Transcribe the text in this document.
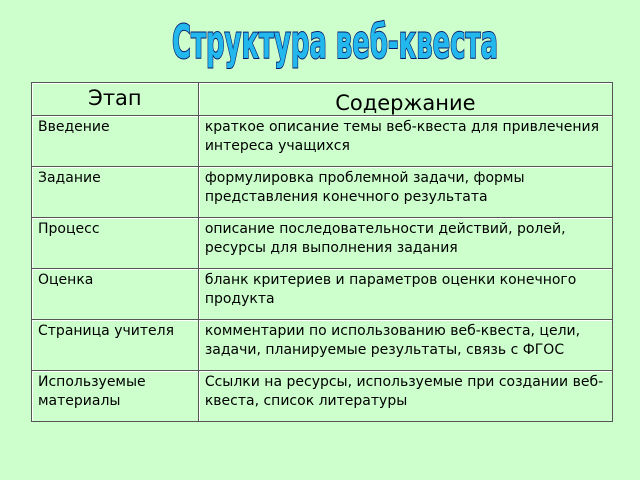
Структура веб-квеста
Этап	Содержание
Введение	краткое описание темы веб-квеста для привлечения интереса учащихся
Задание	формулировка проблемной задачи, формы представления конечного результата
Процесс	описание последовательности действий, ролей, ресурсы для выполнения задания
Оценка	бланк критериев и параметров оценки конечного продукта
Страница учителя	комментарии по использованию веб-квеста, цели, задачи, планируемые результаты, связь с ФГОС
Используемые материалы	Ссылки на ресурсы, используемые при создании веб-квеста, список литературы
